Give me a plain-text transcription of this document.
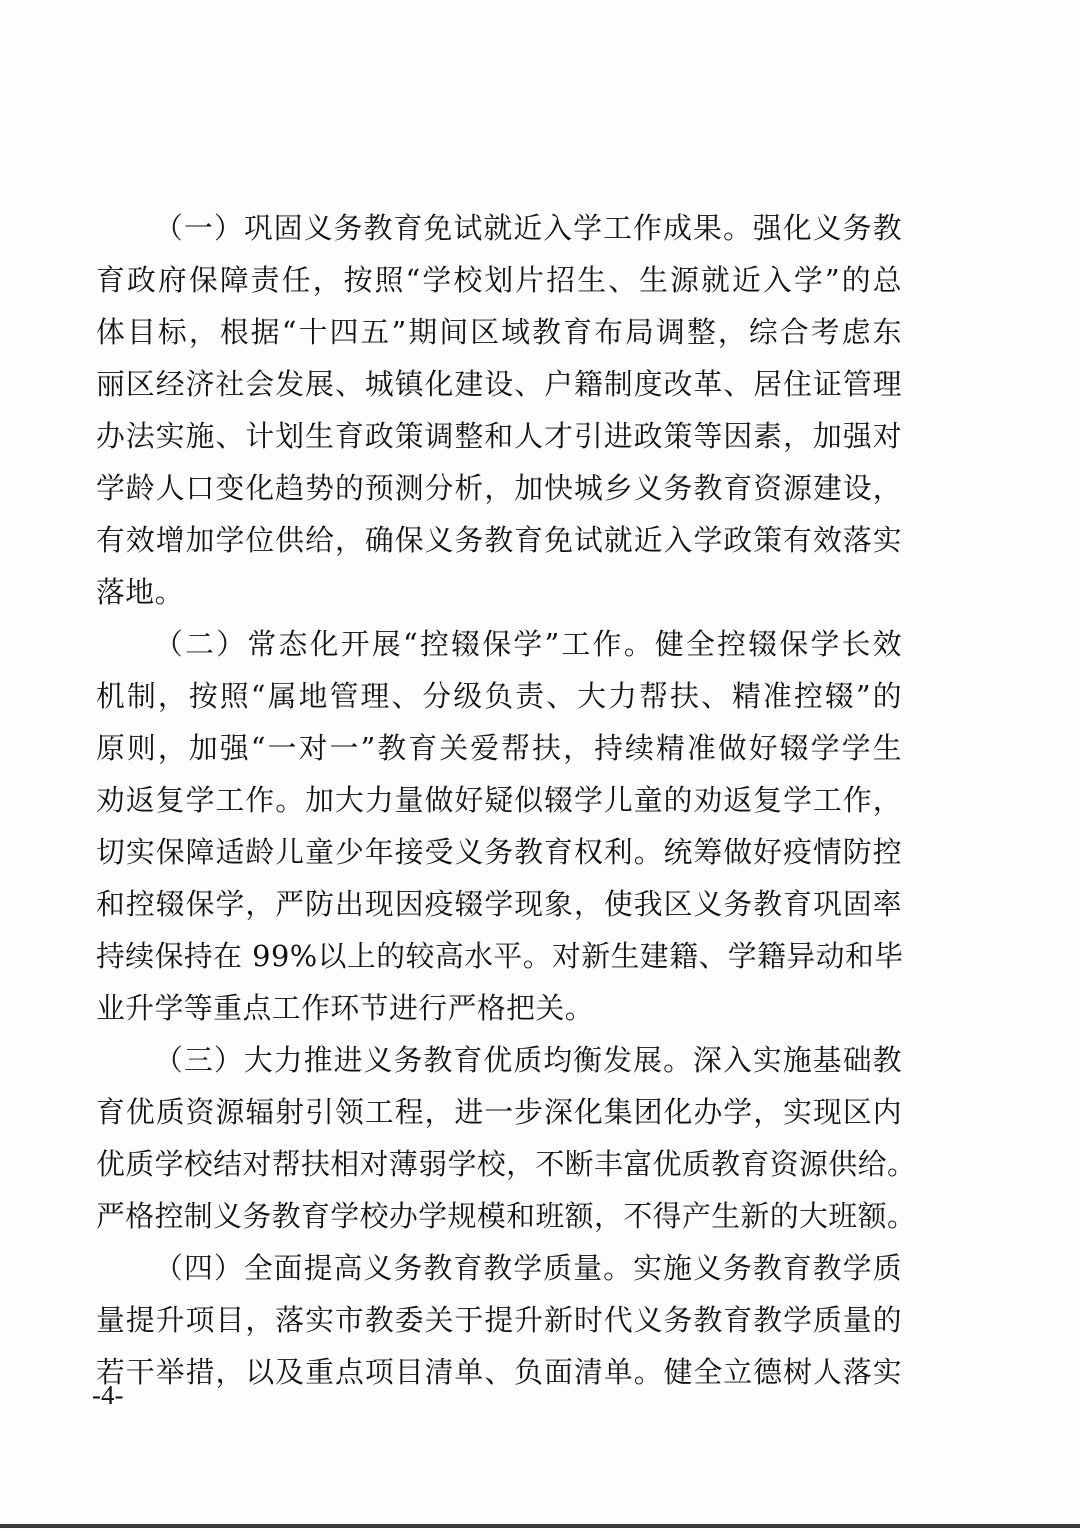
（一）巩固义务教育免试就近入学工作成果。强化义务教
育政府保障责任，按照“学校划片招生、生源就近入学”的总
体目标，根据“十四五”期间区域教育布局调整，综合考虑东
丽区经济社会发展、城镇化建设、户籍制度改革、居住证管理
办法实施、计划生育政策调整和人才引进政策等因素，加强对
学龄人口变化趋势的预测分析，加快城乡义务教育资源建设，
有效增加学位供给，确保义务教育免试就近入学政策有效落实
落地。
（二）常态化开展“控辍保学”工作。健全控辍保学长效
机制，按照“属地管理、分级负责、大力帮扶、精准控辍”的
原则，加强“一对一”教育关爱帮扶，持续精准做好辍学学生
劝返复学工作。加大力量做好疑似辍学儿童的劝返复学工作，
切实保障适龄儿童少年接受义务教育权利。统筹做好疫情防控
和控辍保学，严防出现因疫辍学现象，使我区义务教育巩固率
持续保持在 99%以上的较高水平。对新生建籍、学籍异动和毕
业升学等重点工作环节进行严格把关。
（三）大力推进义务教育优质均衡发展。深入实施基础教
育优质资源辐射引领工程，进一步深化集团化办学，实现区内
优质学校结对帮扶相对薄弱学校，不断丰富优质教育资源供给。
严格控制义务教育学校办学规模和班额，不得产生新的大班额。
（四）全面提高义务教育教学质量。实施义务教育教学质
量提升项目，落实市教委关于提升新时代义务教育教学质量的
若干举措，以及重点项目清单、负面清单。健全立德树人落实
-4-
